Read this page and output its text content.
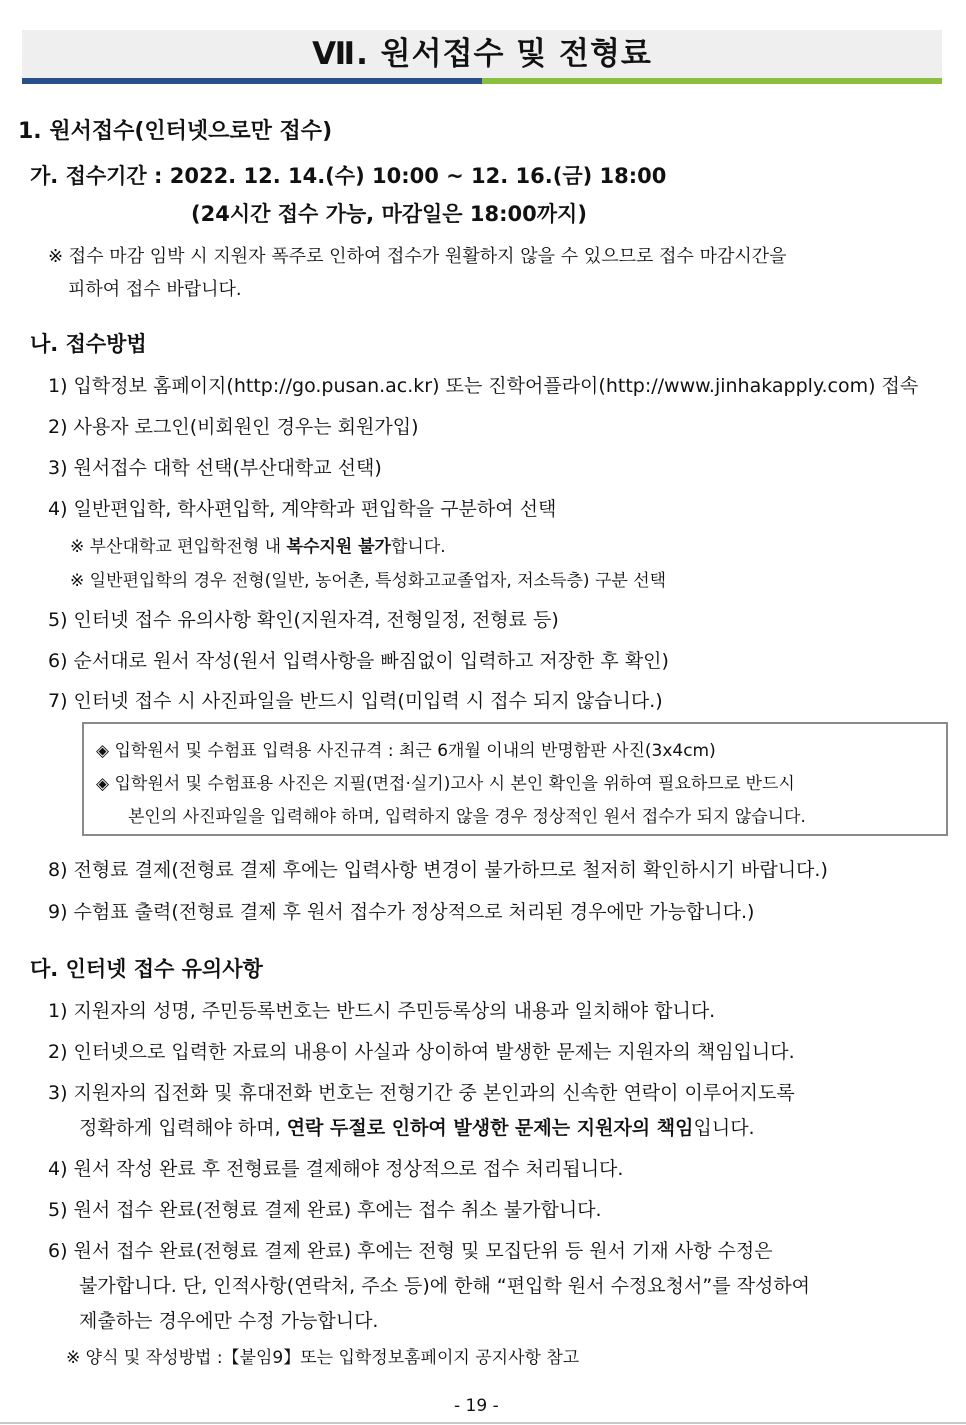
Ⅶ. 원서접수 및 전형료
1. 원서접수(인터넷으로만 접수)
가. 접수기간 : 2022. 12. 14.(수) 10:00 ~ 12. 16.(금) 18:00
(24시간 접수 가능, 마감일은 18:00까지)
※ 접수 마감 임박 시 지원자 폭주로 인하여 접수가 원활하지 않을 수 있으므로 접수 마감시간을
피하여 접수 바랍니다.
나. 접수방법
1) 입학정보 홈페이지(http://go.pusan.ac.kr) 또는 진학어플라이(http://www.jinhakapply.com) 접속
2) 사용자 로그인(비회원인 경우는 회원가입)
3) 원서접수 대학 선택(부산대학교 선택)
4) 일반편입학, 학사편입학, 계약학과 편입학을 구분하여 선택
※ 부산대학교 편입학전형 내 복수지원 불가합니다.
※ 일반편입학의 경우 전형(일반, 농어촌, 특성화고교졸업자, 저소득층) 구분 선택
5) 인터넷 접수 유의사항 확인(지원자격, 전형일정, 전형료 등)
6) 순서대로 원서 작성(원서 입력사항을 빠짐없이 입력하고 저장한 후 확인)
7) 인터넷 접수 시 사진파일을 반드시 입력(미입력 시 접수 되지 않습니다.)
◈ 입학원서 및 수험표 입력용 사진규격 : 최근 6개월 이내의 반명함판 사진(3x4cm)
◈ 입학원서 및 수험표용 사진은 지필(면접·실기)고사 시 본인 확인을 위하여 필요하므로 반드시
본인의 사진파일을 입력해야 하며, 입력하지 않을 경우 정상적인 원서 접수가 되지 않습니다.
8) 전형료 결제(전형료 결제 후에는 입력사항 변경이 불가하므로 철저히 확인하시기 바랍니다.)
9) 수험표 출력(전형료 결제 후 원서 접수가 정상적으로 처리된 경우에만 가능합니다.)
다. 인터넷 접수 유의사항
1) 지원자의 성명, 주민등록번호는 반드시 주민등록상의 내용과 일치해야 합니다.
2) 인터넷으로 입력한 자료의 내용이 사실과 상이하여 발생한 문제는 지원자의 책임입니다.
3) 지원자의 집전화 및 휴대전화 번호는 전형기간 중 본인과의 신속한 연락이 이루어지도록
정확하게 입력해야 하며, 연락 두절로 인하여 발생한 문제는 지원자의 책임입니다.
4) 원서 작성 완료 후 전형료를 결제해야 정상적으로 접수 처리됩니다.
5) 원서 접수 완료(전형료 결제 완료) 후에는 접수 취소 불가합니다.
6) 원서 접수 완료(전형료 결제 완료) 후에는 전형 및 모집단위 등 원서 기재 사항 수정은
불가합니다. 단, 인적사항(연락처, 주소 등)에 한해 “편입학 원서 수정요청서”를 작성하여
제출하는 경우에만 수정 가능합니다.
※ 양식 및 작성방법 :【붙임9】또는 입학정보홈페이지 공지사항 참고
- 19 -
